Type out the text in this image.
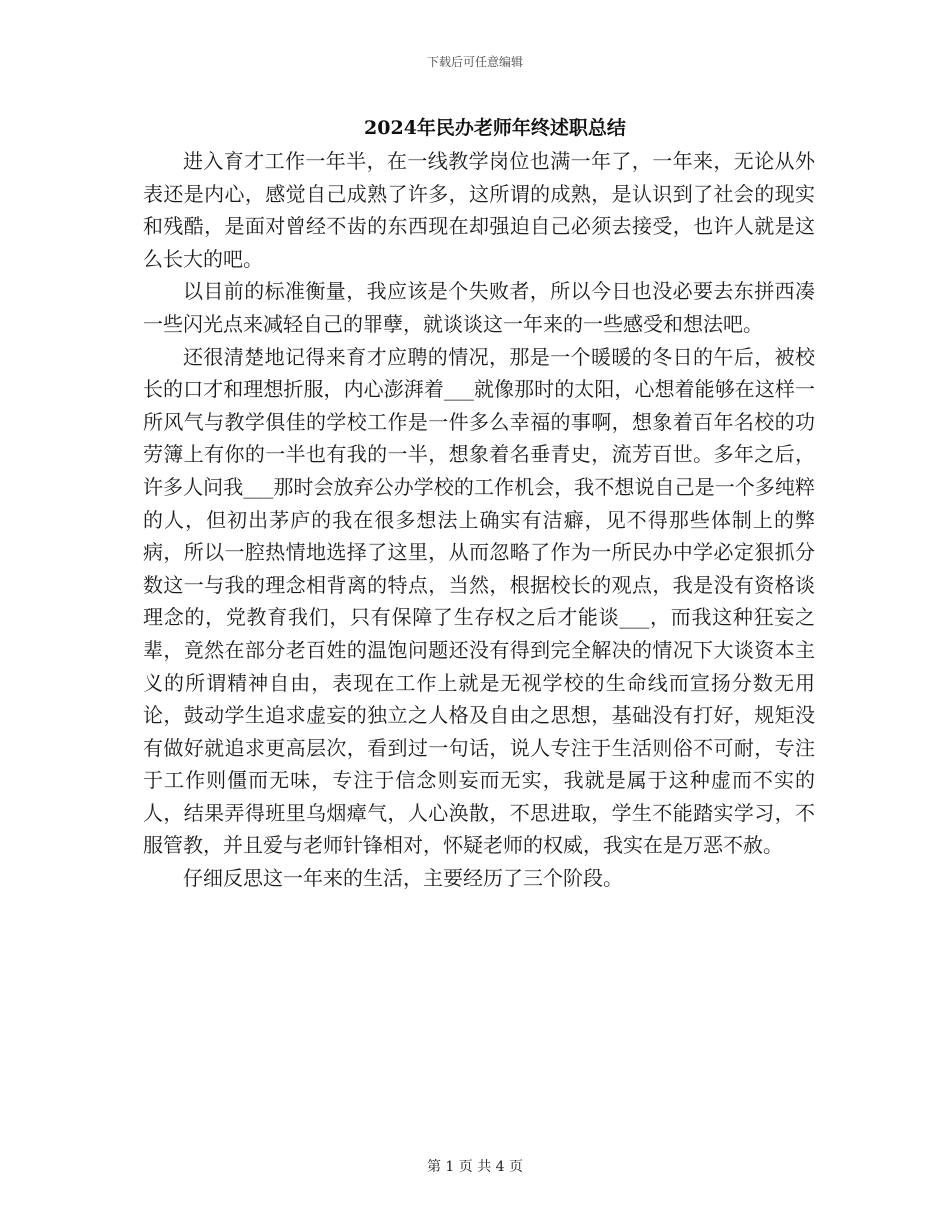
下载后可任意编辑
2024年民办老师年终述职总结

进入育才工作一年半，在一线教学岗位也满一年了，一年来，无论从外表还是内心，感觉自己成熟了许多，这所谓的成熟，是认识到了社会的现实和残酷，是面对曾经不齿的东西现在却强迫自己必须去接受，也许人就是这么长大的吧。

以目前的标准衡量，我应该是个失败者，所以今日也没必要去东拼西凑一些闪光点来减轻自己的罪孽，就谈谈这一年来的一些感受和想法吧。

还很清楚地记得来育才应聘的情况，那是一个暖暖的冬日的午后，被校长的口才和理想折服，内心澎湃着___就像那时的太阳，心想着能够在这样一所风气与教学俱佳的学校工作是一件多么幸福的事啊，想象着百年名校的功劳簿上有你的一半也有我的一半，想象着名垂青史，流芳百世。多年之后，许多人问我___那时会放弃公办学校的工作机会，我不想说自己是一个多纯粹的人，但初出茅庐的我在很多想法上确实有洁癖，见不得那些体制上的弊病，所以一腔热情地选择了这里，从而忽略了作为一所民办中学必定狠抓分数这一与我的理念相背离的特点，当然，根据校长的观点，我是没有资格谈理念的，党教育我们，只有保障了生存权之后才能谈___，而我这种狂妄之辈，竟然在部分老百姓的温饱问题还没有得到完全解决的情况下大谈资本主义的所谓精神自由，表现在工作上就是无视学校的生命线而宣扬分数无用论，鼓动学生追求虚妄的独立之人格及自由之思想，基础没有打好，规矩没有做好就追求更高层次，看到过一句话，说人专注于生活则俗不可耐，专注于工作则僵而无味，专注于信念则妄而无实，我就是属于这种虚而不实的人，结果弄得班里乌烟瘴气，人心涣散，不思进取，学生不能踏实学习，不服管教，并且爱与老师针锋相对，怀疑老师的权威，我实在是万恶不赦。

仔细反思这一年来的生活，主要经历了三个阶段。

第 1 页 共 4 页
